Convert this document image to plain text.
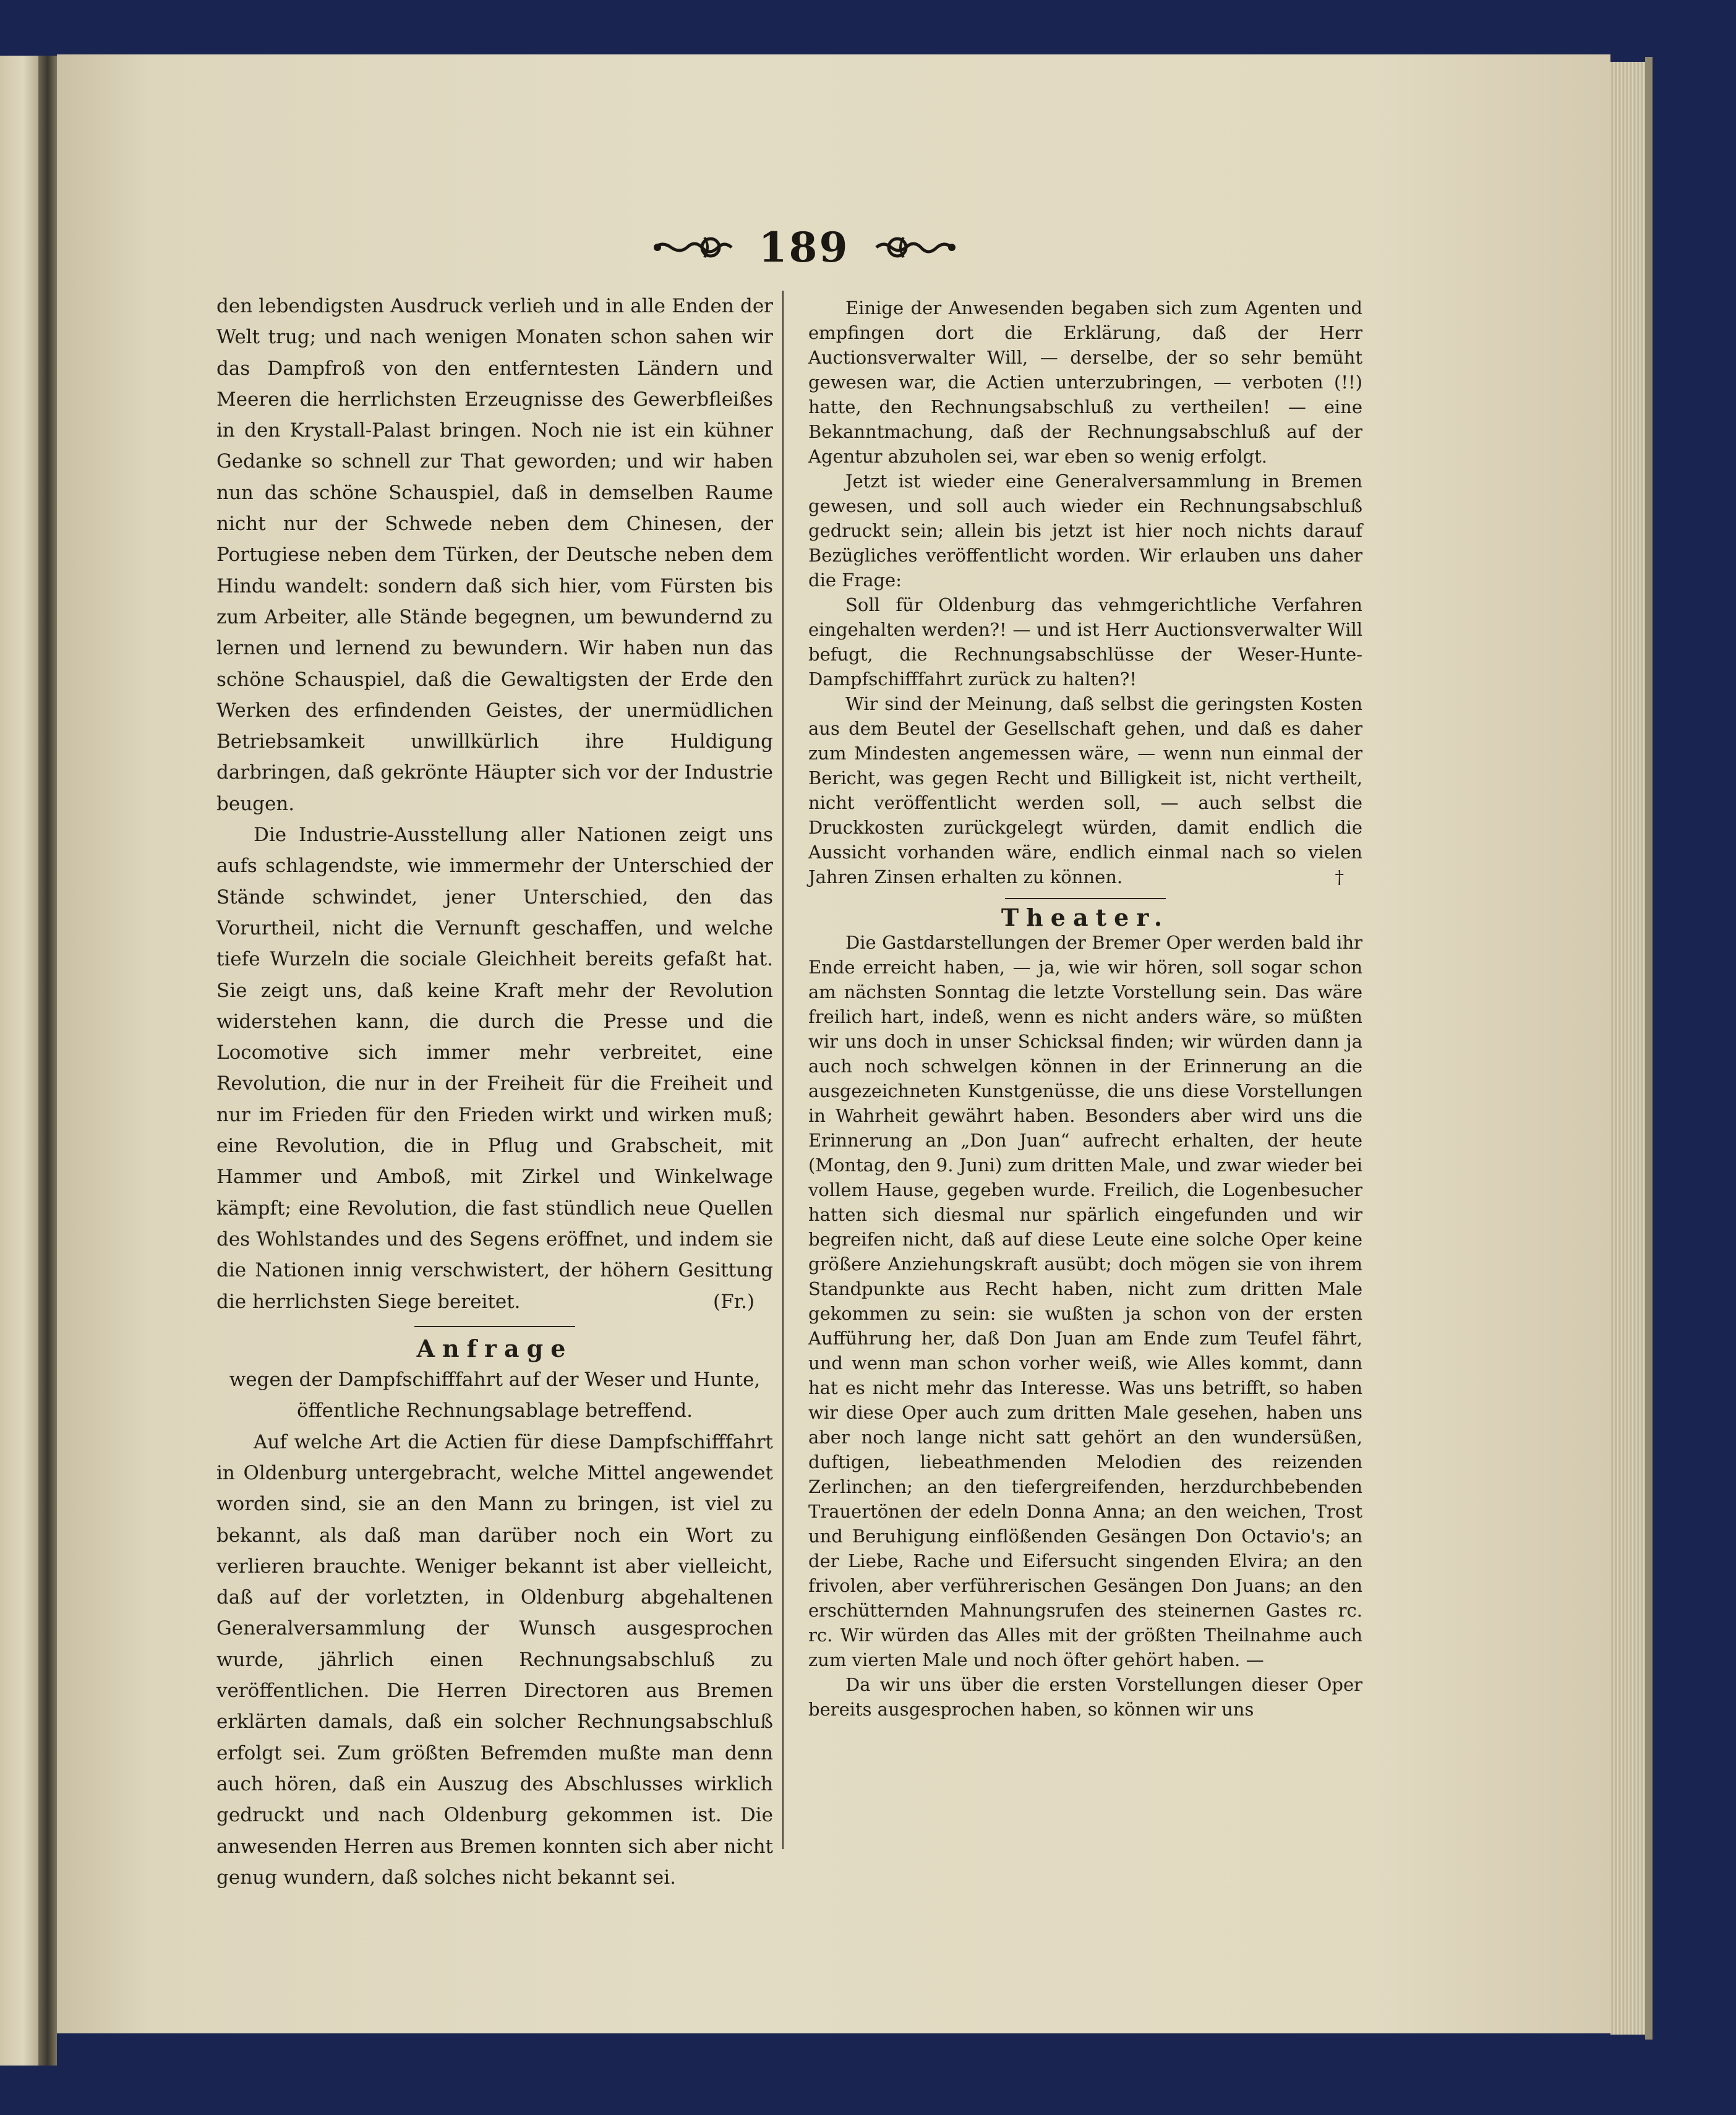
189

den lebendigsten Ausdruck verlieh und in alle Enden der Welt trug; und nach wenigen Monaten schon sahen wir das Dampfroß von den entferntesten Ländern und Meeren die herrlichsten Erzeugnisse des Gewerbfleißes in den Krystall-Palast bringen. Noch nie ist ein kühner Gedanke so schnell zur That geworden; und wir haben nun das schöne Schauspiel, daß in demselben Raume nicht nur der Schwede neben dem Chinesen, der Portugiese neben dem Türken, der Deutsche neben dem Hindu wandelt: sondern daß sich hier, vom Fürsten bis zum Arbeiter, alle Stände begegnen, um bewundernd zu lernen und lernend zu bewundern. Wir haben nun das schöne Schauspiel, daß die Gewaltigsten der Erde den Werken des erfindenden Geistes, der unermüdlichen Betriebsamkeit unwillkürlich ihre Huldigung darbringen, daß gekrönte Häupter sich vor der Industrie beugen.

Die Industrie-Ausstellung aller Nationen zeigt uns aufs schlagendste, wie immermehr der Unterschied der Stände schwindet, jener Unterschied, den das Vorurtheil, nicht die Vernunft geschaffen, und welche tiefe Wurzeln die sociale Gleichheit bereits gefaßt hat. Sie zeigt uns, daß keine Kraft mehr der Revolution widerstehen kann, die durch die Presse und die Locomotive sich immer mehr verbreitet, eine Revolution, die nur in der Freiheit für die Freiheit und nur im Frieden für den Frieden wirkt und wirken muß; eine Revolution, die in Pflug und Grabscheit, mit Hammer und Amboß, mit Zirkel und Winkelwage kämpft; eine Revolution, die fast stündlich neue Quellen des Wohlstandes und des Segens eröffnet, und indem sie die Nationen innig verschwistert, der höhern Gesittung die herrlichsten Siege bereitet.	(Fr.)

Anfrage

wegen der Dampfschifffahrt auf der Weser und Hunte,

öffentliche Rechnungsablage betreffend.

Auf welche Art die Actien für diese Dampfschifffahrt in Oldenburg untergebracht, welche Mittel angewendet worden sind, sie an den Mann zu bringen, ist viel zu bekannt, als daß man darüber noch ein Wort zu verlieren brauchte. Weniger bekannt ist aber vielleicht, daß auf der vorletzten, in Oldenburg abgehaltenen Generalversammlung der Wunsch ausgesprochen wurde, jährlich einen Rechnungsabschluß zu veröffentlichen. Die Herren Directoren aus Bremen erklärten damals, daß ein solcher Rechnungsabschluß erfolgt sei. Zum größten Befremden mußte man denn auch hören, daß ein Auszug des Abschlusses wirklich gedruckt und nach Oldenburg gekommen ist. Die anwesenden Herren aus Bremen konnten sich aber nicht genug wundern, daß solches nicht bekannt sei.

Einige der Anwesenden begaben sich zum Agenten und empfingen dort die Erklärung, daß der Herr Auctionsverwalter Will, — derselbe, der so sehr bemüht gewesen war, die Actien unterzubringen, — verboten (!!) hatte, den Rechnungsabschluß zu vertheilen! — eine Bekanntmachung, daß der Rechnungsabschluß auf der Agentur abzuholen sei, war eben so wenig erfolgt.

Jetzt ist wieder eine Generalversammlung in Bremen gewesen, und soll auch wieder ein Rechnungsabschluß gedruckt sein; allein bis jetzt ist hier noch nichts darauf Bezügliches veröffentlicht worden. Wir erlauben uns daher die Frage:

Soll für Oldenburg das vehmgerichtliche Verfahren eingehalten werden?! — und ist Herr Auctionsverwalter Will befugt, die Rechnungsabschlüsse der Weser-Hunte-Dampfschifffahrt zurück zu halten?!

Wir sind der Meinung, daß selbst die geringsten Kosten aus dem Beutel der Gesellschaft gehen, und daß es daher zum Mindesten angemessen wäre, — wenn nun einmal der Bericht, was gegen Recht und Billigkeit ist, nicht vertheilt, nicht veröffentlicht werden soll, — auch selbst die Druckkosten zurückgelegt würden, damit endlich die Aussicht vorhanden wäre, endlich einmal nach so vielen Jahren Zinsen erhalten zu können.	†

Theater.

Die Gastdarstellungen der Bremer Oper werden bald ihr Ende erreicht haben, — ja, wie wir hören, soll sogar schon am nächsten Sonntag die letzte Vorstellung sein. Das wäre freilich hart, indeß, wenn es nicht anders wäre, so müßten wir uns doch in unser Schicksal finden; wir würden dann ja auch noch schwelgen können in der Erinnerung an die ausgezeichneten Kunstgenüsse, die uns diese Vorstellungen in Wahrheit gewährt haben. Besonders aber wird uns die Erinnerung an „Don Juan“ aufrecht erhalten, der heute (Montag, den 9. Juni) zum dritten Male, und zwar wieder bei vollem Hause, gegeben wurde. Freilich, die Logenbesucher hatten sich diesmal nur spärlich eingefunden und wir begreifen nicht, daß auf diese Leute eine solche Oper keine größere Anziehungskraft ausübt; doch mögen sie von ihrem Standpunkte aus Recht haben, nicht zum dritten Male gekommen zu sein: sie wußten ja schon von der ersten Aufführung her, daß Don Juan am Ende zum Teufel fährt, und wenn man schon vorher weiß, wie Alles kommt, dann hat es nicht mehr das Interesse. Was uns betrifft, so haben wir diese Oper auch zum dritten Male gesehen, haben uns aber noch lange nicht satt gehört an den wundersüßen, duftigen, liebeathmenden Melodien des reizenden Zerlinchen; an den tiefergreifenden, herzdurchbebenden Trauertönen der edeln Donna Anna; an den weichen, Trost und Beruhigung einflößenden Gesängen Don Octavio's; an der Liebe, Rache und Eifersucht singenden Elvira; an den frivolen, aber verführerischen Gesängen Don Juans; an den erschütternden Mahnungsrufen des steinernen Gastes rc. rc. Wir würden das Alles mit der größten Theilnahme auch zum vierten Male und noch öfter gehört haben. —

Da wir uns über die ersten Vorstellungen dieser Oper bereits ausgesprochen haben, so können wir uns
